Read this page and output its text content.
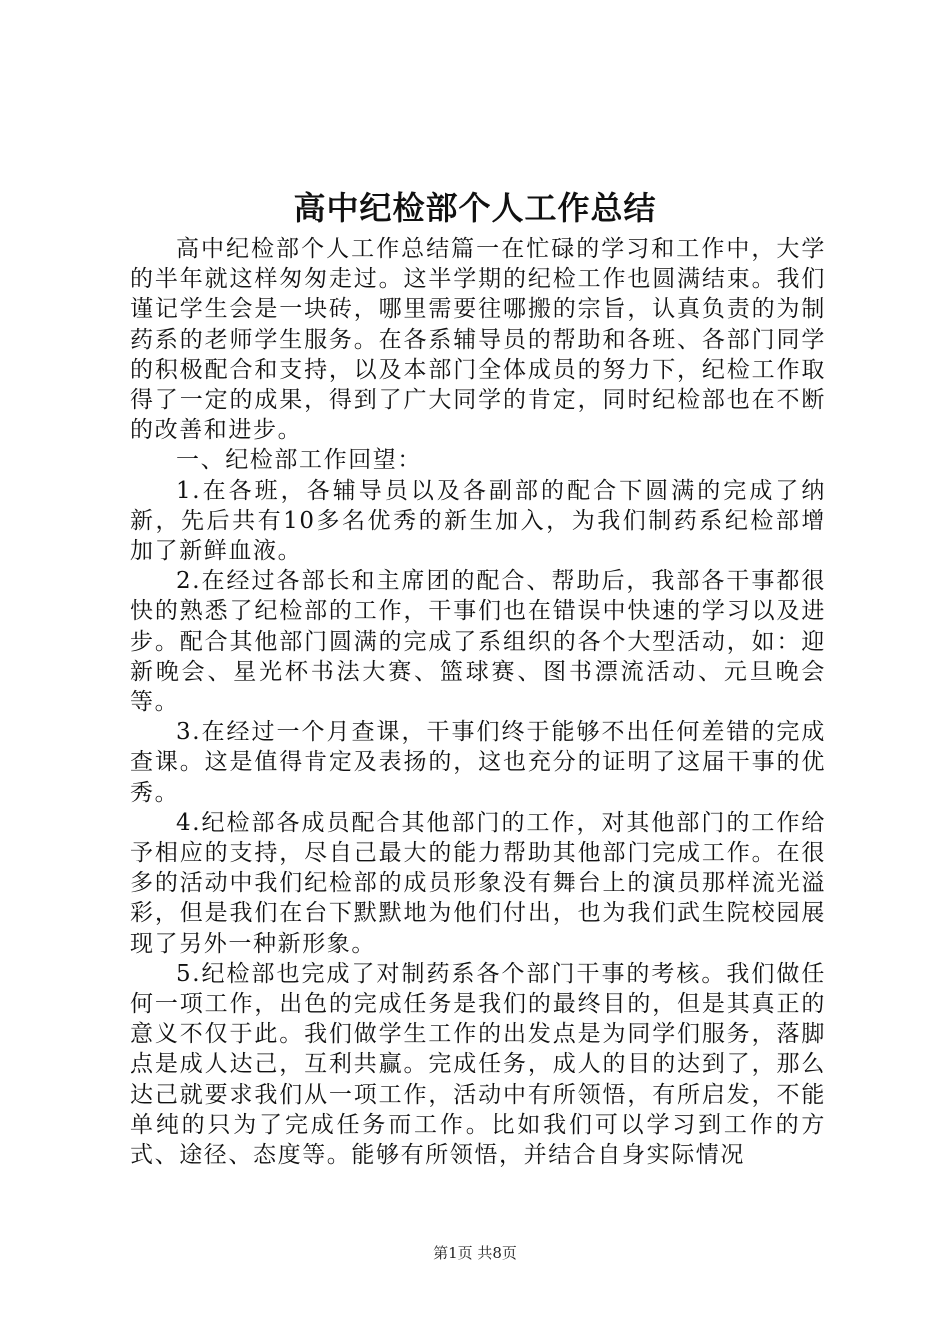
高中纪检部个人工作总结

高中纪检部个人工作总结篇一在忙碌的学习和工作中，大学的半年就这样匆匆走过。这半学期的纪检工作也圆满结束。我们谨记学生会是一块砖，哪里需要往哪搬的宗旨，认真负责的为制药系的老师学生服务。在各系辅导员的帮助和各班、各部门同学的积极配合和支持，以及本部门全体成员的努力下，纪检工作取得了一定的成果，得到了广大同学的肯定，同时纪检部也在不断的改善和进步。

一、纪检部工作回望：

1.在各班，各辅导员以及各副部的配合下圆满的完成了纳新，先后共有10多名优秀的新生加入，为我们制药系纪检部增加了新鲜血液。

2.在经过各部长和主席团的配合、帮助后，我部各干事都很快的熟悉了纪检部的工作，干事们也在错误中快速的学习以及进步。配合其他部门圆满的完成了系组织的各个大型活动，如：迎新晚会、星光杯书法大赛、篮球赛、图书漂流活动、元旦晚会等。

3.在经过一个月查课，干事们终于能够不出任何差错的完成查课。这是值得肯定及表扬的，这也充分的证明了这届干事的优秀。

4.纪检部各成员配合其他部门的工作，对其他部门的工作给予相应的支持，尽自己最大的能力帮助其他部门完成工作。在很多的活动中我们纪检部的成员形象没有舞台上的演员那样流光溢彩，但是我们在台下默默地为他们付出，也为我们武生院校园展现了另外一种新形象。

5.纪检部也完成了对制药系各个部门干事的考核。我们做任何一项工作，出色的完成任务是我们的最终目的，但是其真正的意义不仅于此。我们做学生工作的出发点是为同学们服务，落脚点是成人达己，互利共赢。完成任务，成人的目的达到了，那么达己就要求我们从一项工作，活动中有所领悟，有所启发，不能单纯的只为了完成任务而工作。比如我们可以学习到工作的方式、途径、态度等。能够有所领悟，并结合自身实际情况

第1页 共8页
